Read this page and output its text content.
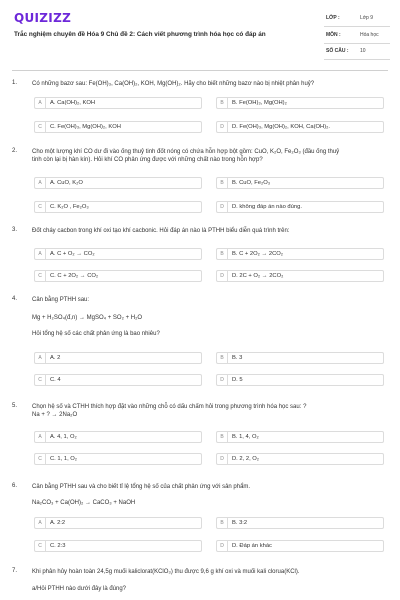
QUIZIZZ
Trắc nghiệm chuyên đề Hóa 9 Chủ đề 2: Cách viết phương trình hóa học có đáp án
LỚP :	Lớp 9
MÔN :	Hóa học
SỐ CÂU : 10
1. Có những bazơ sau: Fe(OH)₃, Ca(OH)₂, KOH, Mg(OH)₂. Hãy cho biết những bazơ nào bị nhiệt phân huỷ?
A	A. Ca(OH)₂, KOH	B	B. Fe(OH)₃, Mg(OH)₂
C	C. Fe(OH)₃, Mg(OH)₂, KOH	D	D. Fe(OH)₃, Mg(OH)₂, KOH, Ca(OH)₂.
2. Cho một lượng khí CO dư đi vào ống thuỷ tinh đốt nóng có chứa hỗn hợp bột gồm: CuO, K₂O, Fe₂O₃ (đầu ống thuỷ
tinh còn lại bị hàn kín). Hỏi khí CO phản ứng được với những chất nào trong hỗn hợp?
A	A. CuO, K₂O	B	B. CuO, Fe₂O₃
C	C. K₂O , Fe₂O₃	D	D. không đáp án nào đúng.
3. Đốt cháy cacbon trong khí oxi tạo khí cacbonic. Hỏi đáp án nào là PTHH biểu diễn quá trình trên:
A	A. C + O₂ → CO₂	B	B. C + 2O₂ → 2CO₂
C	C. C + 2O₂ → CO₂	D	D. 2C + O₂ → 2CO₂
4. Cân bằng PTHH sau:
Mg + H₂SO₄(đ,n) → MgSO₄ + SO₂ + H₂O
Hỏi tổng hệ số các chất phản ứng là bao nhiêu?
A	A. 2	B	B. 3
C	C. 4	D	D. 5
5. Chọn hệ số và CTHH thích hợp đặt vào những chỗ có dấu chấm hỏi trong phương trình hóa học sau: ?
Na + ? → 2Na₂O
A	A. 4, 1, O₂	B	B. 1, 4, O₂
C	C. 1, 1, O₂	D	D. 2, 2, O₂
6. Cân bằng PTHH sau và cho biết tỉ lệ tổng hệ số của chất phản ứng với sản phẩm.
Na₂CO₃ + Ca(OH)₂ → CaCO₃ + NaOH
A	A. 2:2	B	B. 3:2
C	C. 2:3	D	D. Đáp án khác
7. Khi phân hủy hoàn toàn 24,5g muối kaliclorat(KClO₃) thu được 9,6 g khí oxi và muối kali clorua(KCl).
a/Hỏi PTHH nào dưới đây là đúng?
